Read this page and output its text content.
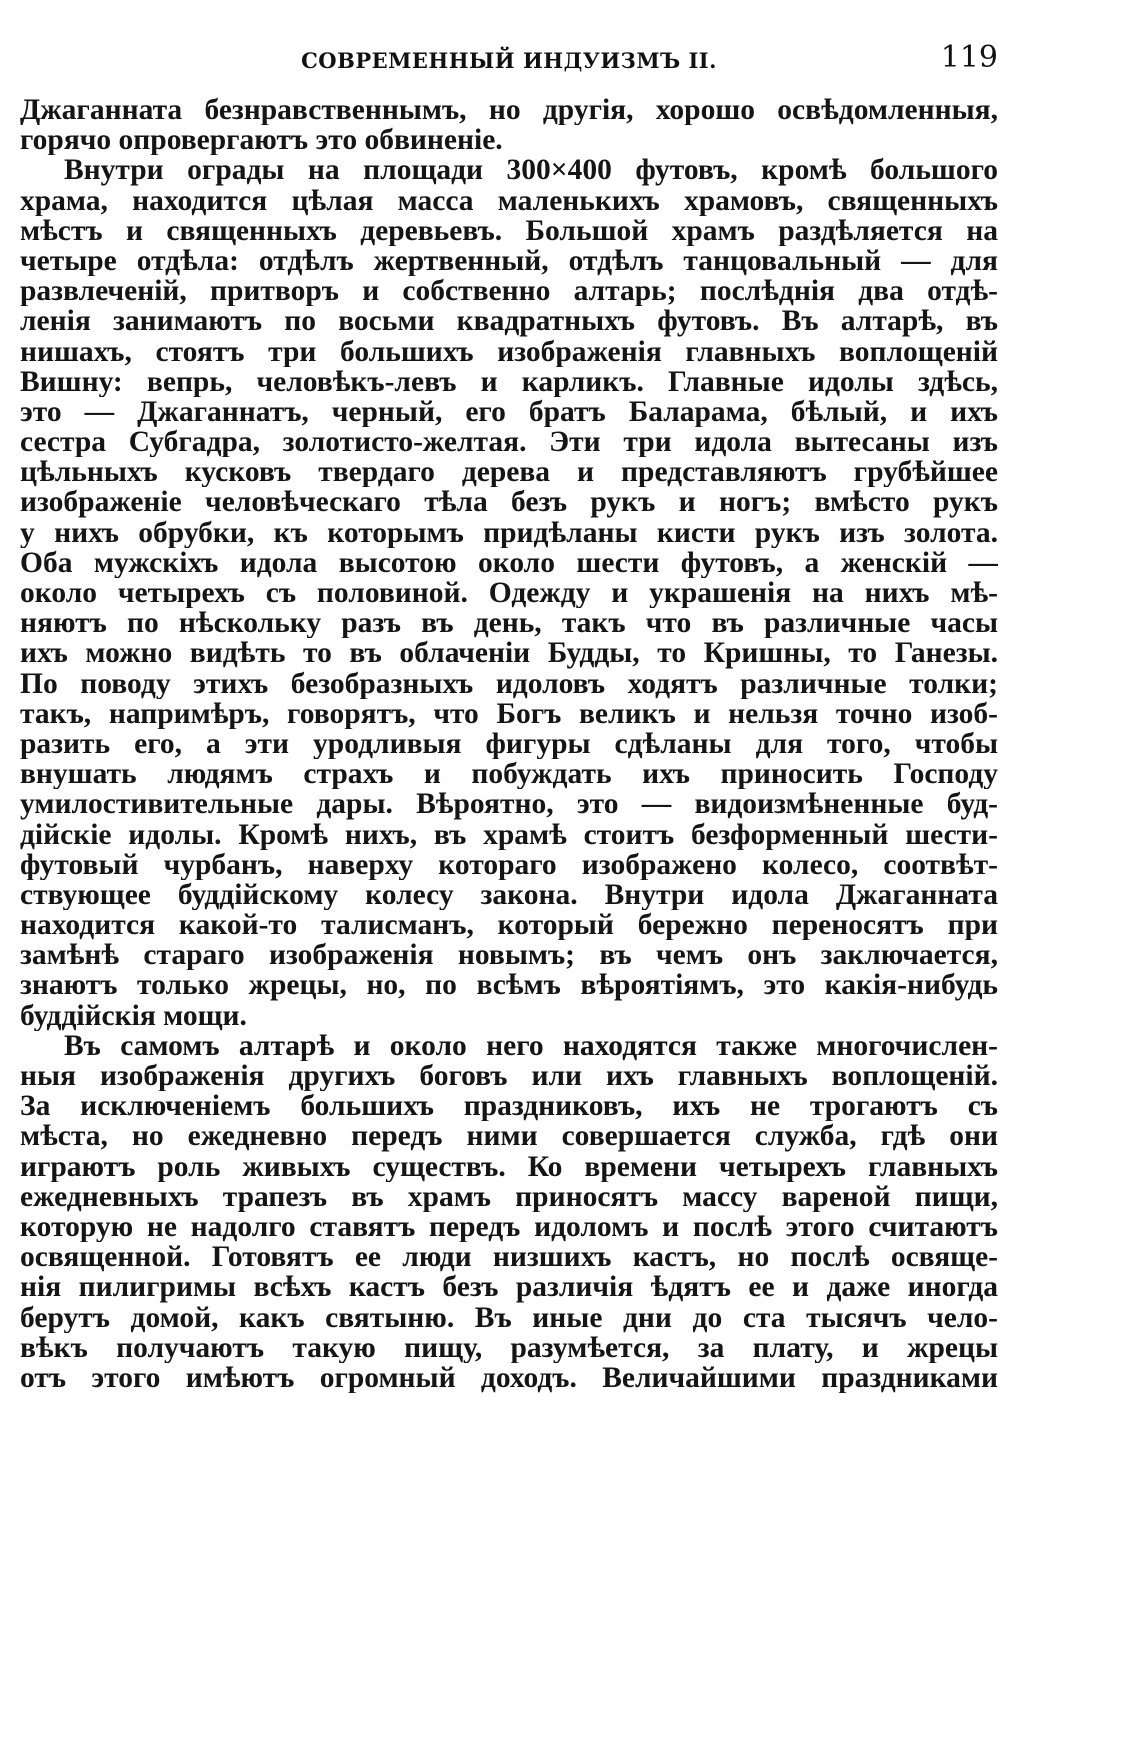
СОВРЕМЕННЫЙ ИНДУИЗМЪ II.	119
Джаганната безнравственнымъ, но другія, хорошо освѣдомленныя,
горячо опровергаютъ это обвиненіе.
Внутри ограды на площади 300×400 футовъ, кромѣ большого
храма, находится цѣлая масса маленькихъ храмовъ, священныхъ
мѣстъ и священныхъ деревьевъ. Большой храмъ раздѣляется на
четыре отдѣла: отдѣлъ жертвенный, отдѣлъ танцовальный — для
развлеченій, притворъ и собственно алтарь; послѣднія два отдѣ-
ленія занимаютъ по восьми квадратныхъ футовъ. Въ алтарѣ, въ
нишахъ, стоятъ три большихъ изображенія главныхъ воплощеній
Вишну: вепрь, человѣкъ-левъ и карликъ. Главные идолы здѣсь,
это — Джаганнатъ, черный, его братъ Баларама, бѣлый, и ихъ
сестра Субгадра, золотисто-желтая. Эти три идола вытесаны изъ
цѣльныхъ кусковъ твердаго дерева и представляютъ грубѣйшее
изображеніе человѣческаго тѣла безъ рукъ и ногъ; вмѣсто рукъ
у нихъ обрубки, къ которымъ придѣланы кисти рукъ изъ золота.
Оба мужскіхъ идола высотою около шести футовъ, а женскій —
около четырехъ съ половиной. Одежду и украшенія на нихъ мѣ-
няютъ по нѣскольку разъ въ день, такъ что въ различные часы
ихъ можно видѣть то въ облаченіи Будды, то Кришны, то Ганезы.
По поводу этихъ безобразныхъ идоловъ ходятъ различные толки;
такъ, напримѣръ, говорятъ, что Богъ великъ и нельзя точно изоб-
разить его, а эти уродливыя фигуры сдѣланы для того, чтобы
внушать людямъ страхъ и побуждать ихъ приносить Господу
умилостивительные дары. Вѣроятно, это — видоизмѣненные буд-
дійскіе идолы. Кромѣ нихъ, въ храмѣ стоитъ безформенный шести-
футовый чурбанъ, наверху котораго изображено колесо, соотвѣт-
ствующее буддійскому колесу закона. Внутри идола Джаганната
находится какой-то талисманъ, который бережно переносятъ при
замѣнѣ стараго изображенія новымъ; въ чемъ онъ заключается,
знаютъ только жрецы, но, по всѣмъ вѣроятіямъ, это какія-нибудь
буддійскія мощи.
Въ самомъ алтарѣ и около него находятся также многочислен-
ныя изображенія другихъ боговъ или ихъ главныхъ воплощеній.
За исключеніемъ большихъ праздниковъ, ихъ не трогаютъ съ
мѣста, но ежедневно передъ ними совершается служба, гдѣ они
играютъ роль живыхъ существъ. Ко времени четырехъ главныхъ
ежедневныхъ трапезъ въ храмъ приносятъ массу вареной пищи,
которую не надолго ставятъ передъ идоломъ и послѣ этого считаютъ
освященной. Готовятъ ее люди низшихъ кастъ, но послѣ освяще-
нія пилигримы всѣхъ кастъ безъ различія ѣдятъ ее и даже иногда
берутъ домой, какъ святыню. Въ иные дни до ста тысячъ чело-
вѣкъ получаютъ такую пищу, разумѣется, за плату, и жрецы
отъ этого имѣютъ огромный доходъ. Величайшими праздниками
